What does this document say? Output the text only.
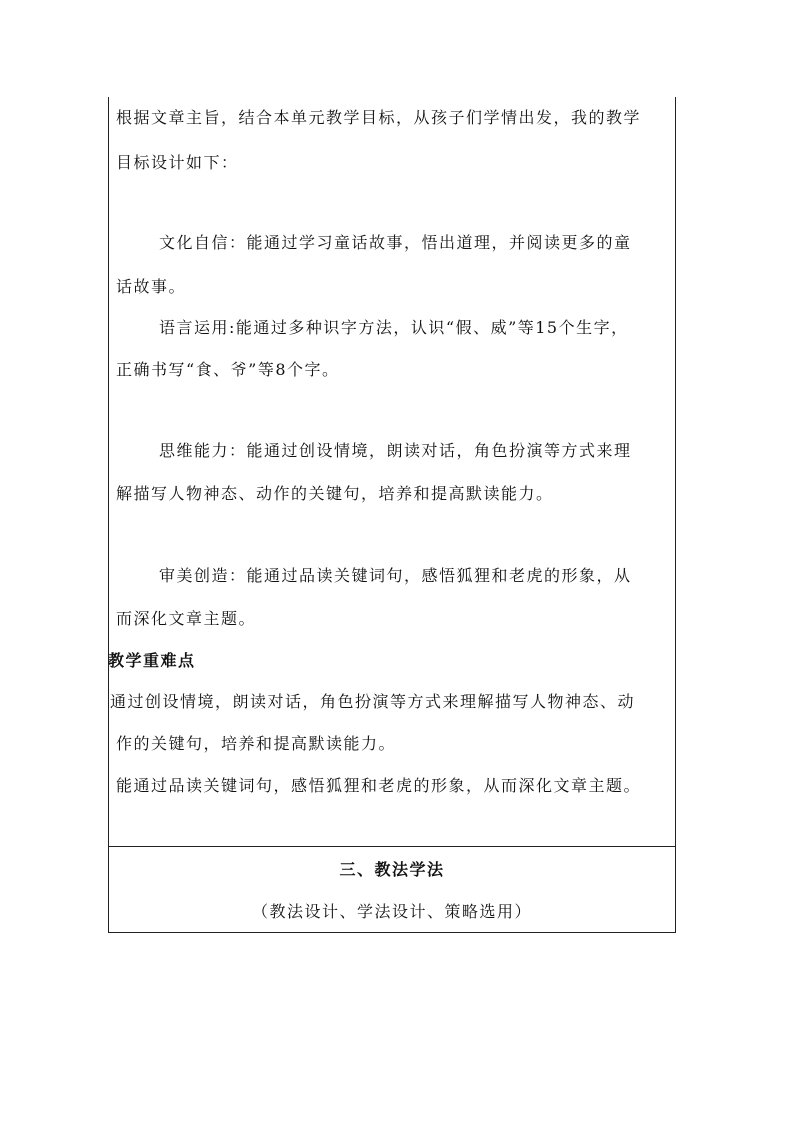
根据文章主旨，结合本单元教学目标，从孩子们学情出发，我的教学
目标设计如下：
文化自信：能通过学习童话故事，悟出道理，并阅读更多的童
话故事。
语言运用:能通过多种识字方法，认识“假、威”等15个生字，
正确书写“食、爷”等8个字。
思维能力：能通过创设情境，朗读对话，角色扮演等方式来理
解描写人物神态、动作的关键句，培养和提高默读能力。
审美创造：能通过品读关键词句，感悟狐狸和老虎的形象，从
而深化文章主题。
教学重难点
通过创设情境，朗读对话，角色扮演等方式来理解描写人物神态、动
作的关键句，培养和提高默读能力。
能通过品读关键词句，感悟狐狸和老虎的形象，从而深化文章主题。
三、教法学法
（教法设计、学法设计、策略选用）
